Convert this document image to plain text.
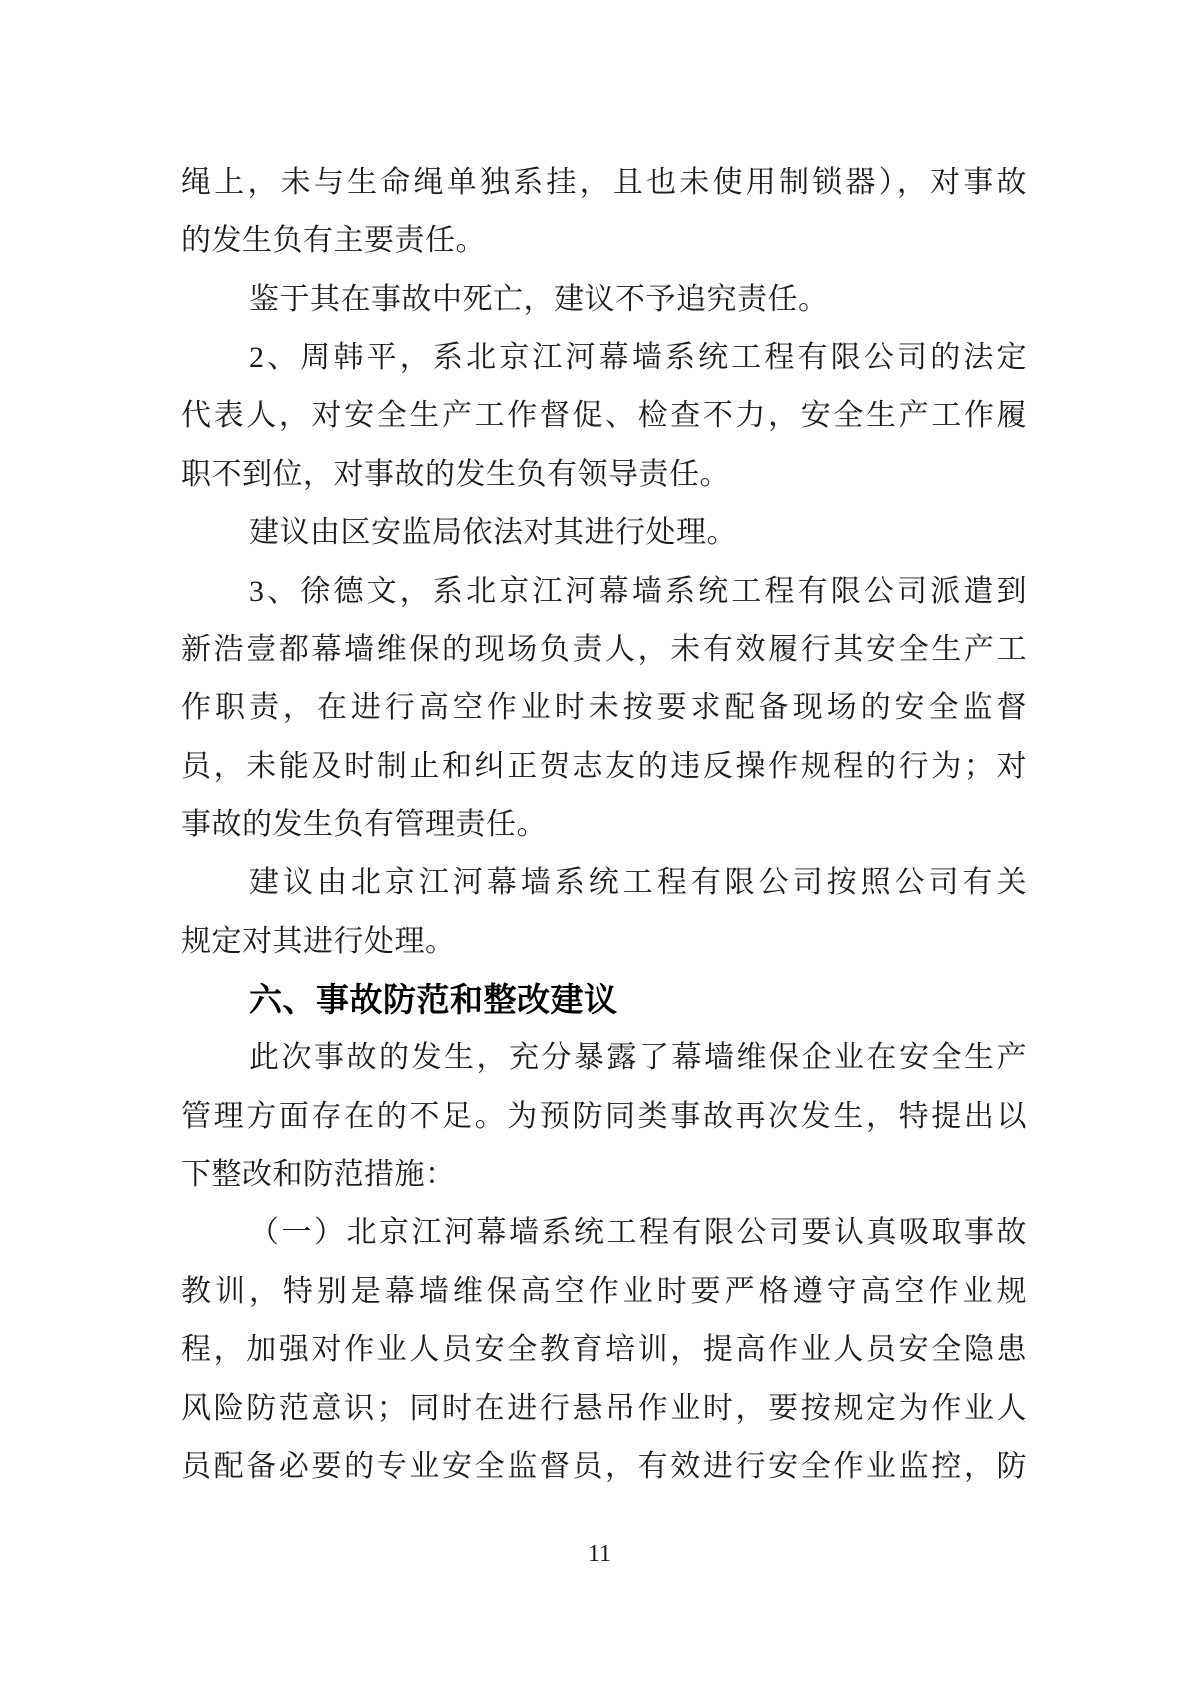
绳上，未与生命绳单独系挂，且也未使用制锁器），对事故
的发生负有主要责任。
鉴于其在事故中死亡，建议不予追究责任。
2、周韩平，系北京江河幕墙系统工程有限公司的法定
代表人，对安全生产工作督促、检查不力，安全生产工作履
职不到位，对事故的发生负有领导责任。
建议由区安监局依法对其进行处理。
3、徐德文，系北京江河幕墙系统工程有限公司派遣到
新浩壹都幕墙维保的现场负责人，未有效履行其安全生产工
作职责，在进行高空作业时未按要求配备现场的安全监督
员，未能及时制止和纠正贺志友的违反操作规程的行为；对
事故的发生负有管理责任。
建议由北京江河幕墙系统工程有限公司按照公司有关
规定对其进行处理。
六、事故防范和整改建议
此次事故的发生，充分暴露了幕墙维保企业在安全生产
管理方面存在的不足。为预防同类事故再次发生，特提出以
下整改和防范措施：
（一）北京江河幕墙系统工程有限公司要认真吸取事故
教训，特别是幕墙维保高空作业时要严格遵守高空作业规
程，加强对作业人员安全教育培训，提高作业人员安全隐患
风险防范意识；同时在进行悬吊作业时，要按规定为作业人
员配备必要的专业安全监督员，有效进行安全作业监控，防
11
